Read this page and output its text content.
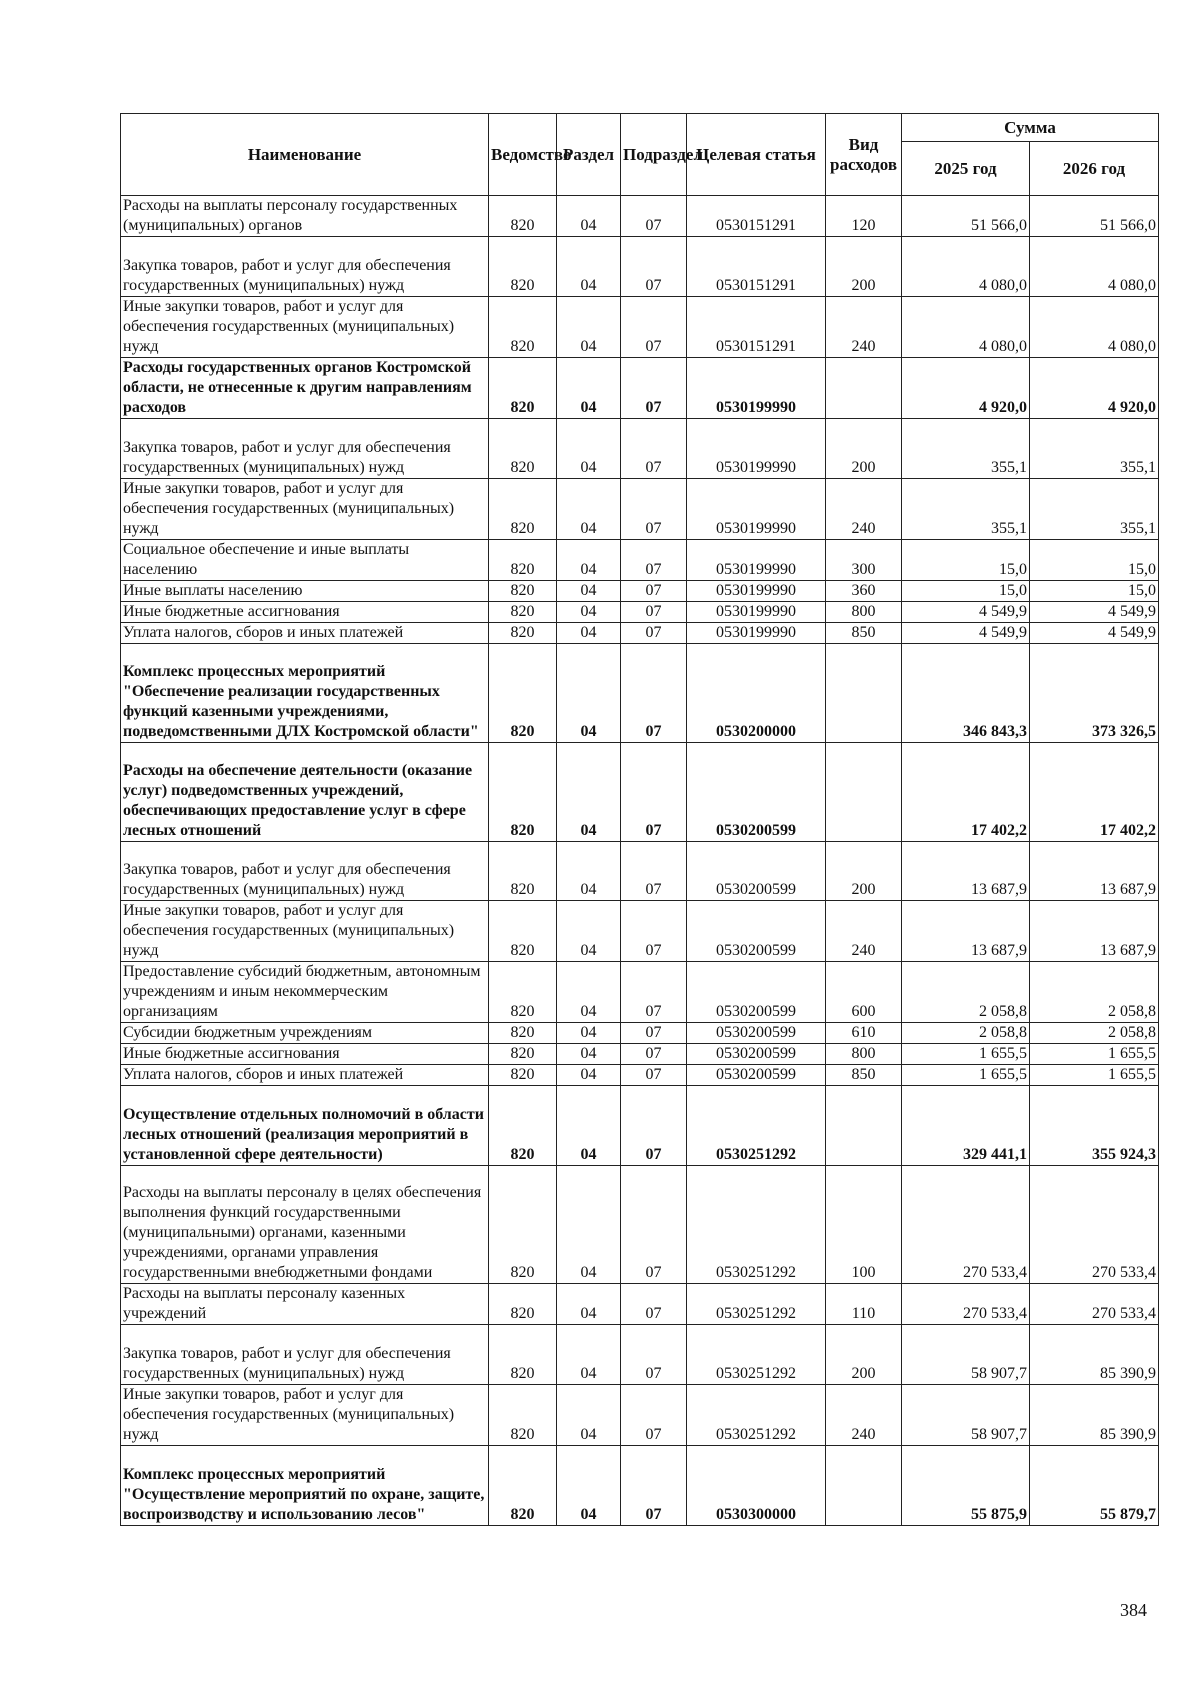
Наименование	Ведомство	Раздел	Подраздел	Целевая статья	Вид расходов	Сумма	
						2025 год	2026 год
Расходы на выплаты персоналу государственных (муниципальных) органов	820	04	07	0530151291	120	51 566,0	51 566,0
Закупка товаров, работ и услуг для обеспечения государственных (муниципальных) нужд	820	04	07	0530151291	200	4 080,0	4 080,0
Иные закупки товаров, работ и услуг для обеспечения государственных (муниципальных) нужд	820	04	07	0530151291	240	4 080,0	4 080,0
Расходы государственных органов Костромской области, не отнесенные к другим направлениям расходов	820	04	07	0530199990		4 920,0	4 920,0
Закупка товаров, работ и услуг для обеспечения государственных (муниципальных) нужд	820	04	07	0530199990	200	355,1	355,1
Иные закупки товаров, работ и услуг для обеспечения государственных (муниципальных) нужд	820	04	07	0530199990	240	355,1	355,1
Социальное обеспечение и иные выплаты населению	820	04	07	0530199990	300	15,0	15,0
Иные выплаты населению	820	04	07	0530199990	360	15,0	15,0
Иные бюджетные ассигнования	820	04	07	0530199990	800	4 549,9	4 549,9
Уплата налогов, сборов и иных платежей	820	04	07	0530199990	850	4 549,9	4 549,9
Комплекс процессных мероприятий "Обеспечение реализации государственных функций казенными учреждениями, подведомственными ДЛХ Костромской области"	820	04	07	0530200000		346 843,3	373 326,5
Расходы на обеспечение деятельности (оказание услуг) подведомственных учреждений, обеспечивающих предоставление услуг в сфере лесных отношений	820	04	07	0530200599		17 402,2	17 402,2
Закупка товаров, работ и услуг для обеспечения государственных (муниципальных) нужд	820	04	07	0530200599	200	13 687,9	13 687,9
Иные закупки товаров, работ и услуг для обеспечения государственных (муниципальных) нужд	820	04	07	0530200599	240	13 687,9	13 687,9
Предоставление субсидий бюджетным, автономным учреждениям и иным некоммерческим организациям	820	04	07	0530200599	600	2 058,8	2 058,8
Субсидии бюджетным учреждениям	820	04	07	0530200599	610	2 058,8	2 058,8
Иные бюджетные ассигнования	820	04	07	0530200599	800	1 655,5	1 655,5
Уплата налогов, сборов и иных платежей	820	04	07	0530200599	850	1 655,5	1 655,5
Осуществление отдельных полномочий в области лесных отношений (реализация мероприятий в установленной сфере деятельности)	820	04	07	0530251292		329 441,1	355 924,3
Расходы на выплаты персоналу в целях обеспечения выполнения функций государственными (муниципальными) органами, казенными учреждениями, органами управления государственными внебюджетными фондами	820	04	07	0530251292	100	270 533,4	270 533,4
Расходы на выплаты персоналу казенных учреждений	820	04	07	0530251292	110	270 533,4	270 533,4
Закупка товаров, работ и услуг для обеспечения государственных (муниципальных) нужд	820	04	07	0530251292	200	58 907,7	85 390,9
Иные закупки товаров, работ и услуг для обеспечения государственных (муниципальных) нужд	820	04	07	0530251292	240	58 907,7	85 390,9
Комплекс процессных мероприятий "Осуществление мероприятий по охране, защите, воспроизводству и использованию лесов"	820	04	07	0530300000		55 875,9	55 879,7
384
